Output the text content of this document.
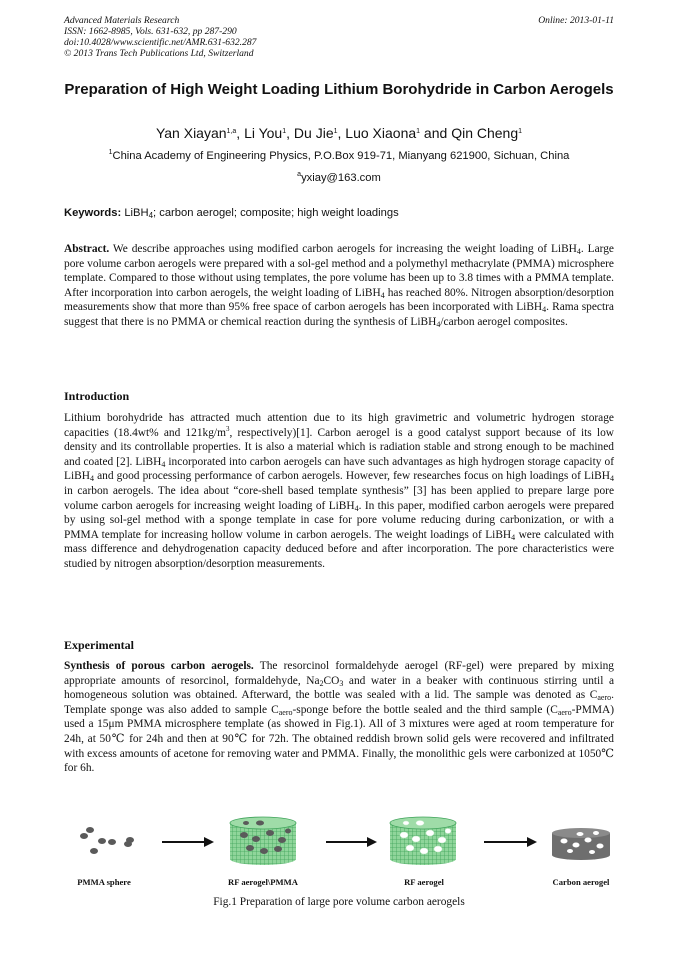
Advanced Materials Research
ISSN: 1662-8985, Vols. 631-632, pp 287-290
doi:10.4028/www.scientific.net/AMR.631-632.287
© 2013 Trans Tech Publications Ltd, Switzerland
Online: 2013-01-11
Preparation of High Weight Loading Lithium Borohydride in Carbon Aerogels
Yan Xiayan$^{1,a}$, Li You$^1$, Du Jie$^1$, Luo Xiaona$^1$ and Qin Cheng$^1$
$^1$China Academy of Engineering Physics, P.O.Box 919-71, Mianyang 621900, Sichuan, China
$^a$yxiay@163.com
Keywords: LiBH$_4$; carbon aerogel; composite; high weight loadings
Abstract. We describe approaches using modified carbon aerogels for increasing the weight loading of LiBH$_4$. Large pore volume carbon aerogels were prepared with a sol-gel method and a polymethyl methacrylate (PMMA) microsphere template. Compared to those without using templates, the pore volume has been up to 3.8 times with a PMMA template. After incorporation into carbon aerogels, the weight loading of LiBH$_4$ has reached 80%. Nitrogen absorption/desorption measurements show that more than 95% free space of carbon aerogels has been incorporated with LiBH$_4$. Rama spectra suggest that there is no PMMA or chemical reaction during the synthesis of LiBH$_4$/carbon aerogel composites.
Introduction
Lithium borohydride has attracted much attention due to its high gravimetric and volumetric hydrogen storage capacities (18.4wt% and $121kg/m^3$, respectively)[1]. Carbon aerogel is a good catalyst support because of its low density and its controllable properties. It is also a material which is radiation stable and strong enough to be machined and coated [2]. LiBH$_4$ incorporated into carbon aerogels can have such advantages as high hydrogen storage capacity of LiBH$_4$ and good processing performance of carbon aerogels. However, few researches focus on high loadings of LiBH$_4$ in carbon aerogels. The idea about “core-shell based template synthesis” [3] has been applied to prepare large pore volume carbon aerogels for increasing weight loading of LiBH$_4$. In this paper, modified carbon aerogels were prepared by using sol-gel method with a sponge template in case for pore volume reducing during carbonization, or with a PMMA template for increasing hollow volume in carbon aerogels. The weight loadings of LiBH$_4$ were calculated with mass difference and dehydrogenation capacity deduced before and after incorporation. The pore characteristics were studied by nitrogen absorption/desorption measurements.
Experimental
Synthesis of porous carbon aerogels. The resorcinol formaldehyde aerogel (RF-gel) were prepared by mixing appropriate amounts of resorcinol, formaldehyde, $Na_2CO_3$ and water in a beaker with continuous stirring until a homogeneous solution was obtained. Afterward, the bottle was sealed with a lid. The sample was denoted as $C_{aero}$. Template sponge was also added to sample $C_{aero}$-sponge before the bottle sealed and the third sample $(C_{aero}-PMMA)$ used a 15μm PMMA microsphere template (as showed in Fig.1). All of 3 mixtures were aged at room temperature for 24h, at 50℃ for 24h and then at 90℃ for 72h. The obtained reddish brown solid gels were recovered and infiltrated with excess amounts of acetone for removing water and PMMA. Finally, the monolithic gels were carbonized at 1050℃ for 6h.
PMMA sphere	RF aerogel\PMMA	RF aerogel	Carbon aerogel
Fig.1 Preparation of large pore volume carbon aerogels
